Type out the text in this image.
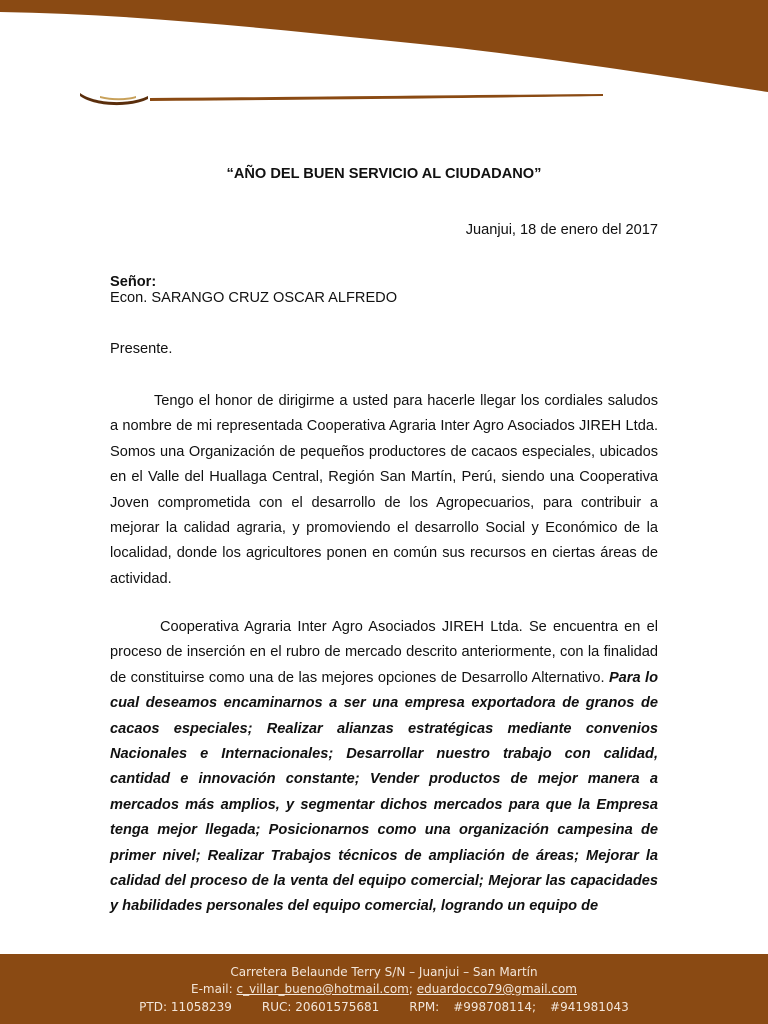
“AÑO DEL BUEN SERVICIO AL CIUDADANO”
Juanjui, 18 de enero del 2017
Señor:
Econ. SARANGO CRUZ OSCAR ALFREDO
Presente.
Tengo el honor de dirigirme a usted para hacerle llegar los cordiales saludos a nombre de mi representada Cooperativa Agraria Inter Agro Asociados JIREH Ltda. Somos una Organización de pequeños productores de cacaos especiales, ubicados en el Valle del Huallaga Central, Región San Martín, Perú, siendo una Cooperativa Joven comprometida con el desarrollo de los Agropecuarios, para contribuir a mejorar la calidad agraria, y promoviendo el desarrollo Social y Económico de la localidad, donde los agricultores ponen en común sus recursos en ciertas áreas de actividad.
Cooperativa Agraria Inter Agro Asociados JIREH Ltda. Se encuentra en el proceso de inserción en el rubro de mercado descrito anteriormente, con la finalidad de constituirse como una de las mejores opciones de Desarrollo Alternativo. Para lo cual deseamos encaminarnos a ser una empresa exportadora de granos de cacaos especiales; Realizar alianzas estratégicas mediante convenios Nacionales e Internacionales; Desarrollar nuestro trabajo con calidad, cantidad e innovación constante; Vender productos de mejor manera a mercados más amplios, y segmentar dichos mercados para que la Empresa tenga mejor llegada; Posicionarnos como una organización campesina de primer nivel; Realizar Trabajos técnicos de ampliación de áreas; Mejorar la calidad del proceso de la venta del equipo comercial; Mejorar las capacidades y habilidades personales del equipo comercial, logrando un equipo de
Carretera Belaunde Terry S/N – Juanjui – San Martín
E-mail: c_villar_bueno@hotmail.com; eduardocco79@gmail.com
PTD: 11058239	RUC: 20601575681	RPM: #998708114; #941981043
